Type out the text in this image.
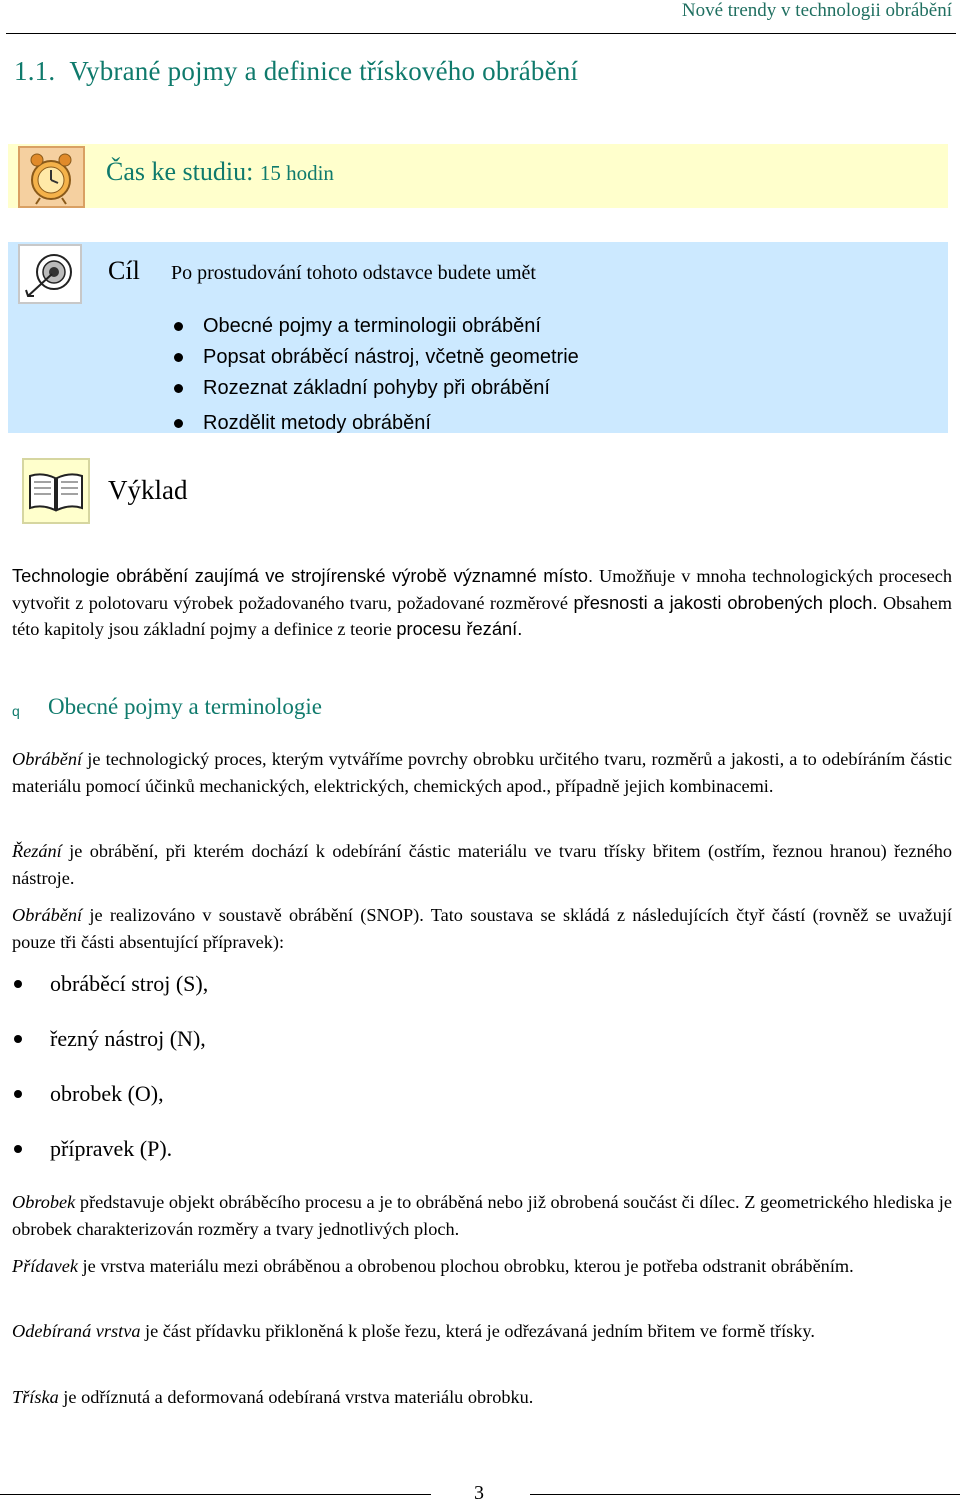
Nové trendy v technologii obrábění
1.1. Vybrané pojmy a definice třískového obrábění
Čas ke studiu: 15 hodin
Cíl Po prostudování tohoto odstavce budete umět
Obecné pojmy a terminologii obrábění
Popsat obráběcí nástroj, včetně geometrie
Rozeznat základní pohyby při obrábění
Rozdělit metody obrábění
Výklad
Technologie obrábění zaujímá ve strojírenské výrobě významné místo. Umožňuje v mnoha technologických procesech vytvořit z polotovaru výrobek požadovaného tvaru, požadované rozměrové přesnosti a jakosti obrobených ploch. Obsahem této kapitoly jsou základní pojmy a definice z teorie procesu řezání.
q Obecné pojmy a terminologie
Obrábění je technologický proces, kterým vytváříme povrchy obrobku určitého tvaru, rozměrů a jakosti, a to odebíráním částic materiálu pomocí účinků mechanických, elektrických, chemických apod., případně jejich kombinacemi.
Řezání je obrábění, při kterém dochází k odebírání částic materiálu ve tvaru třísky břitem (ostřím, řeznou hranou) řezného nástroje.
Obrábění je realizováno v soustavě obrábění (SNOP). Tato soustava se skládá z následujících čtyř částí (rovněž se uvažují pouze tři části absentující přípravek):
obráběcí stroj (S),
řezný nástroj (N),
obrobek (O),
přípravek (P).
Obrobek představuje objekt obráběcího procesu a je to obráběná nebo již obrobená součást či dílec. Z geometrického hlediska je obrobek charakterizován rozměry a tvary jednotlivých ploch.
Přídavek je vrstva materiálu mezi obráběnou a obrobenou plochou obrobku, kterou je potřeba odstranit obráběním.
Odebíraná vrstva je část přídavku přikloněná k ploše řezu, která je odřezávaná jedním břitem ve formě třísky.
Tříska je odříznutá a deformovaná odebíraná vrstva materiálu obrobku.
3
